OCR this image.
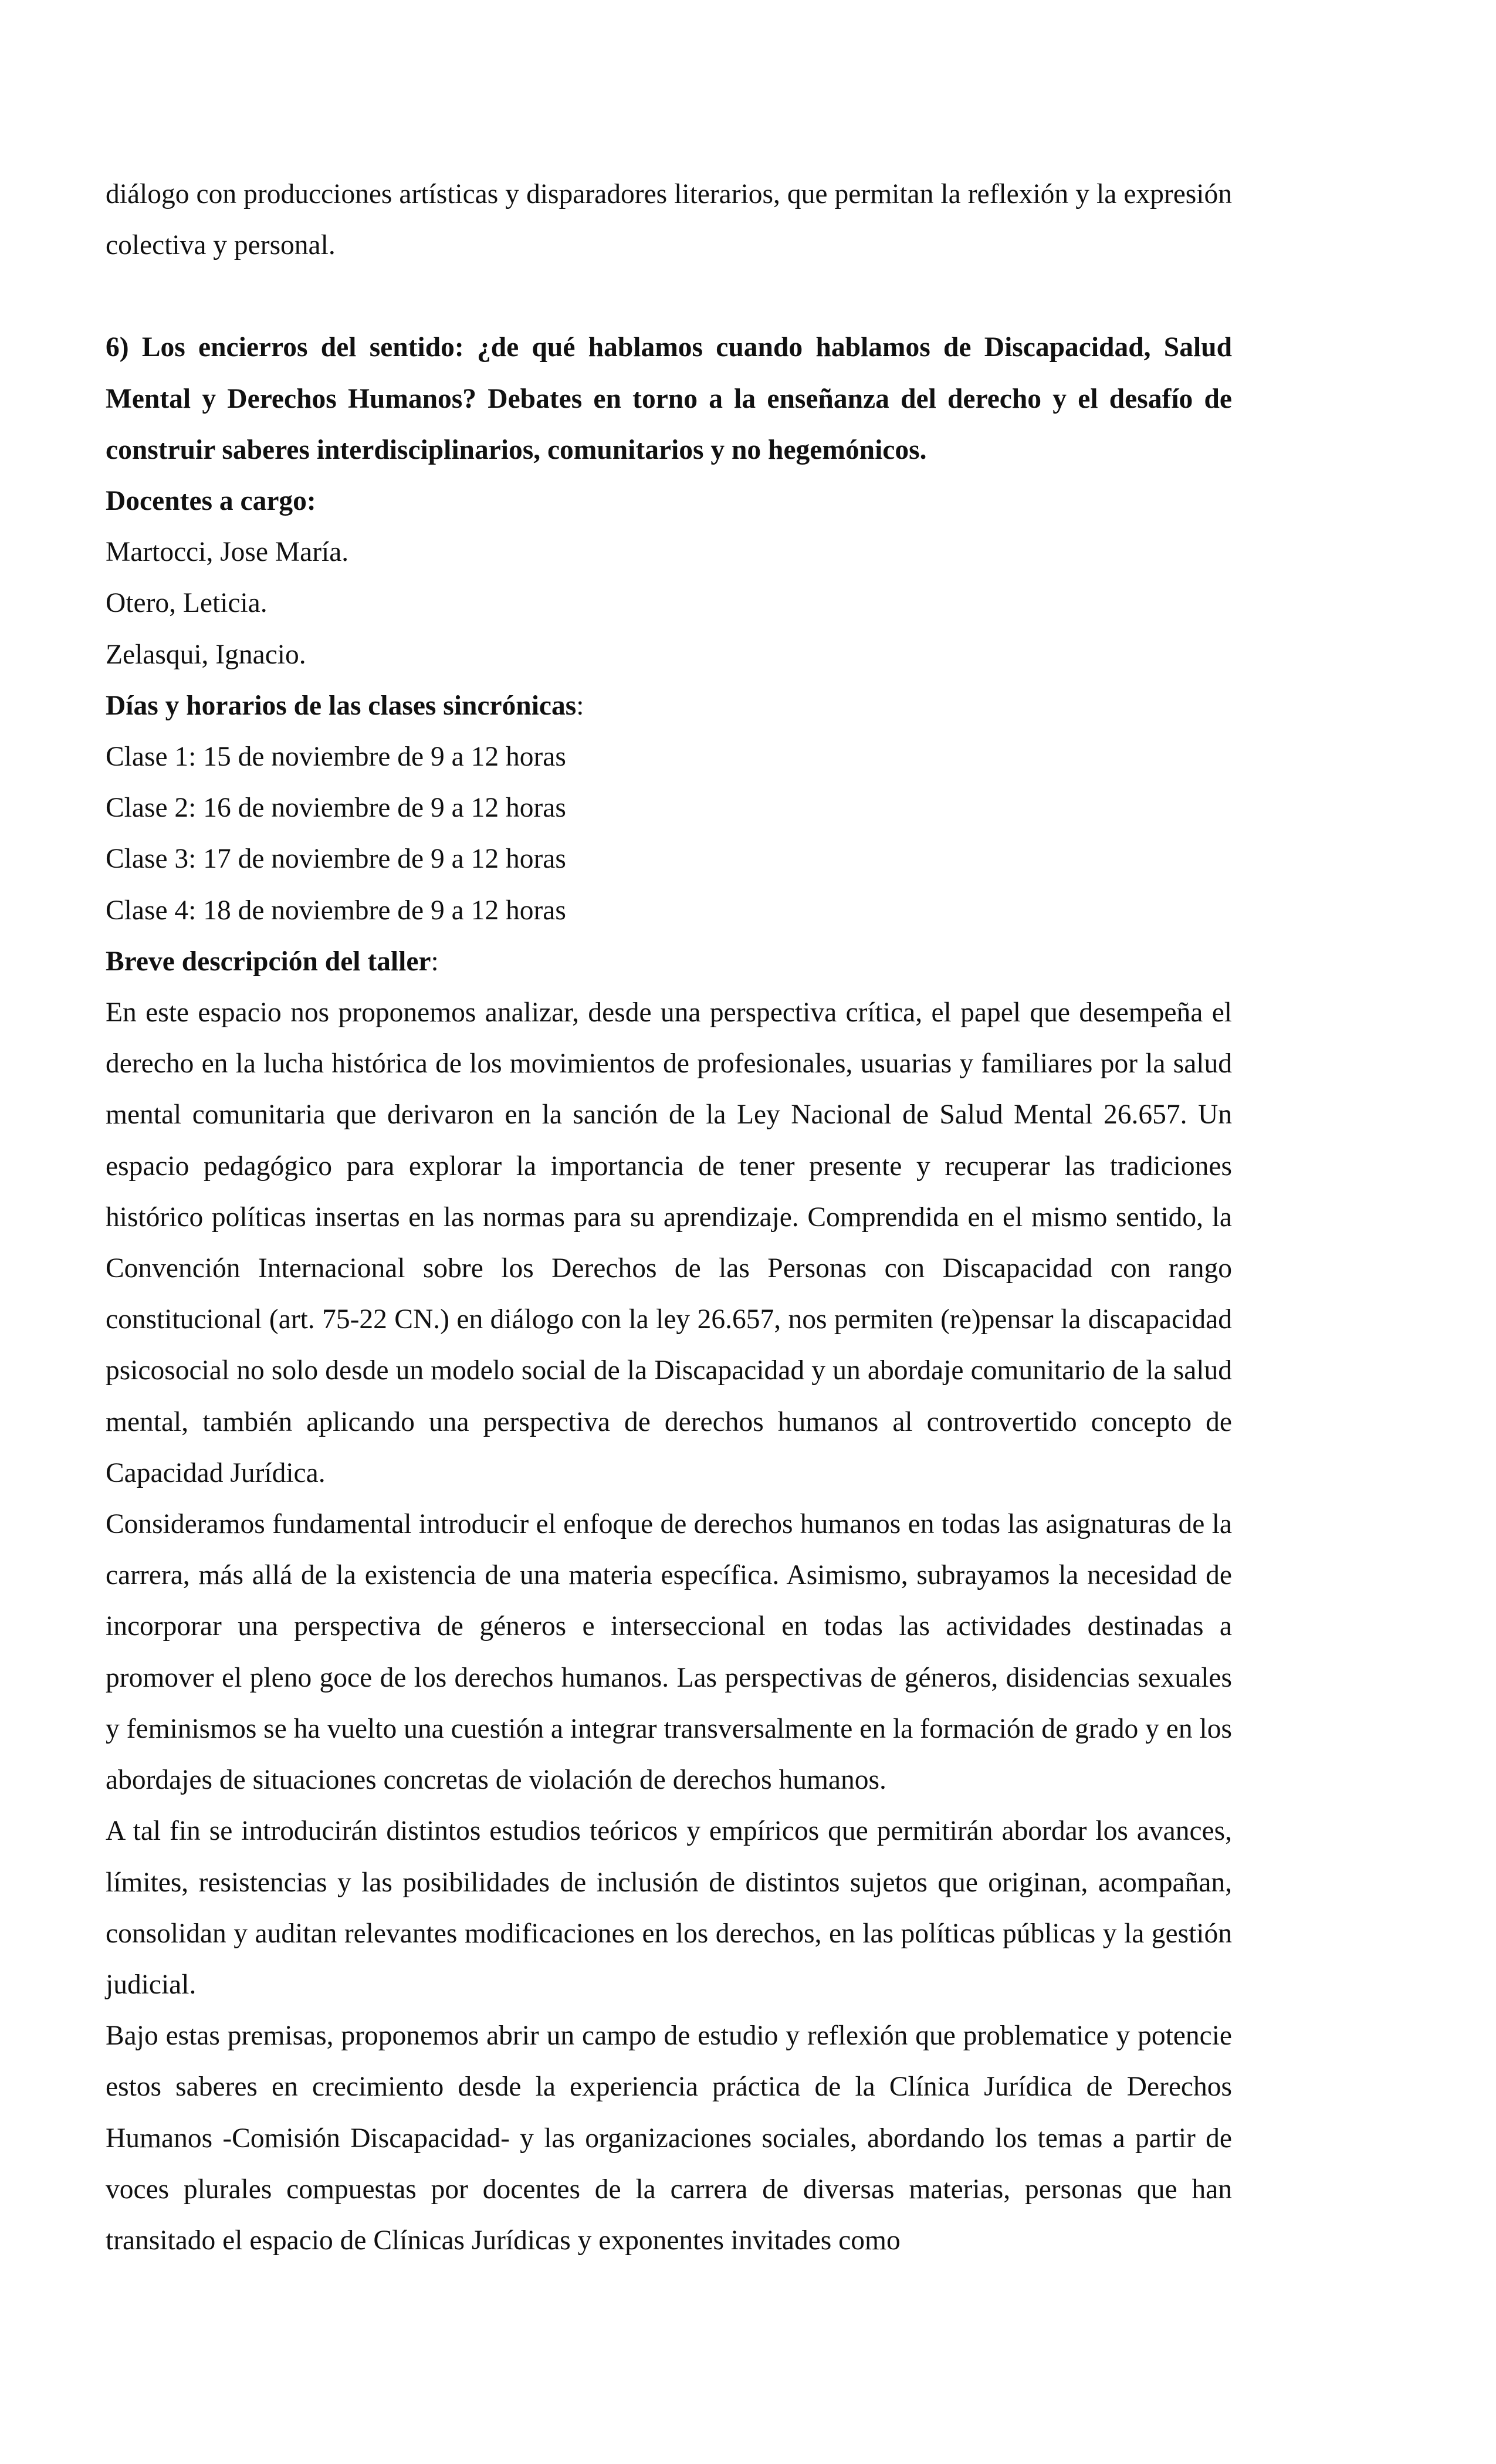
diálogo con producciones artísticas y disparadores literarios, que permitan la reflexión y la expresión colectiva y personal.

6) Los encierros del sentido: ¿de qué hablamos cuando hablamos de Discapacidad, Salud Mental y Derechos Humanos? Debates en torno a la enseñanza del derecho y el desafío de construir saberes interdisciplinarios, comunitarios y no hegemónicos.

Docentes a cargo:

Martocci, Jose María.

Otero, Leticia.

Zelasqui, Ignacio.

Días y horarios de las clases sincrónicas:

Clase 1: 15 de noviembre de 9 a 12 horas

Clase 2: 16 de noviembre de 9 a 12 horas

Clase 3: 17 de noviembre de 9 a 12 horas

Clase 4: 18 de noviembre de 9 a 12 horas

Breve descripción del taller:

En este espacio nos proponemos analizar, desde una perspectiva crítica, el papel que desempeña el derecho en la lucha histórica de los movimientos de profesionales, usuarias y familiares por la salud mental comunitaria que derivaron en la sanción de la Ley Nacional de Salud Mental 26.657. Un espacio pedagógico para explorar la importancia de tener presente y recuperar las tradiciones histórico políticas insertas en las normas para su aprendizaje. Comprendida en el mismo sentido, la Convención Internacional sobre los Derechos de las Personas con Discapacidad con rango constitucional (art. 75-22 CN.) en diálogo con la ley 26.657, nos permiten (re)pensar la discapacidad psicosocial no solo desde un modelo social de la Discapacidad y un abordaje comunitario de la salud mental, también aplicando una perspectiva de derechos humanos al controvertido concepto de Capacidad Jurídica.

Consideramos fundamental introducir el enfoque de derechos humanos en todas las asignaturas de la carrera, más allá de la existencia de una materia específica. Asimismo, subrayamos la necesidad de incorporar una perspectiva de géneros e interseccional en todas las actividades destinadas a promover el pleno goce de los derechos humanos. Las perspectivas de géneros, disidencias sexuales y feminismos se ha vuelto una cuestión a integrar transversalmente en la formación de grado y en los abordajes de situaciones concretas de violación de derechos humanos.

A tal fin se introducirán distintos estudios teóricos y empíricos que permitirán abordar los avances, límites, resistencias y las posibilidades de inclusión de distintos sujetos que originan, acompañan, consolidan y auditan relevantes modificaciones en los derechos, en las políticas públicas y la gestión judicial.

Bajo estas premisas, proponemos abrir un campo de estudio y reflexión que problematice y potencie estos saberes en crecimiento desde la experiencia práctica de la Clínica Jurídica de Derechos Humanos -Comisión Discapacidad- y las organizaciones sociales, abordando los temas a partir de voces plurales compuestas por docentes de la carrera de diversas materias, personas que han transitado el espacio de Clínicas Jurídicas y exponentes invitades como
